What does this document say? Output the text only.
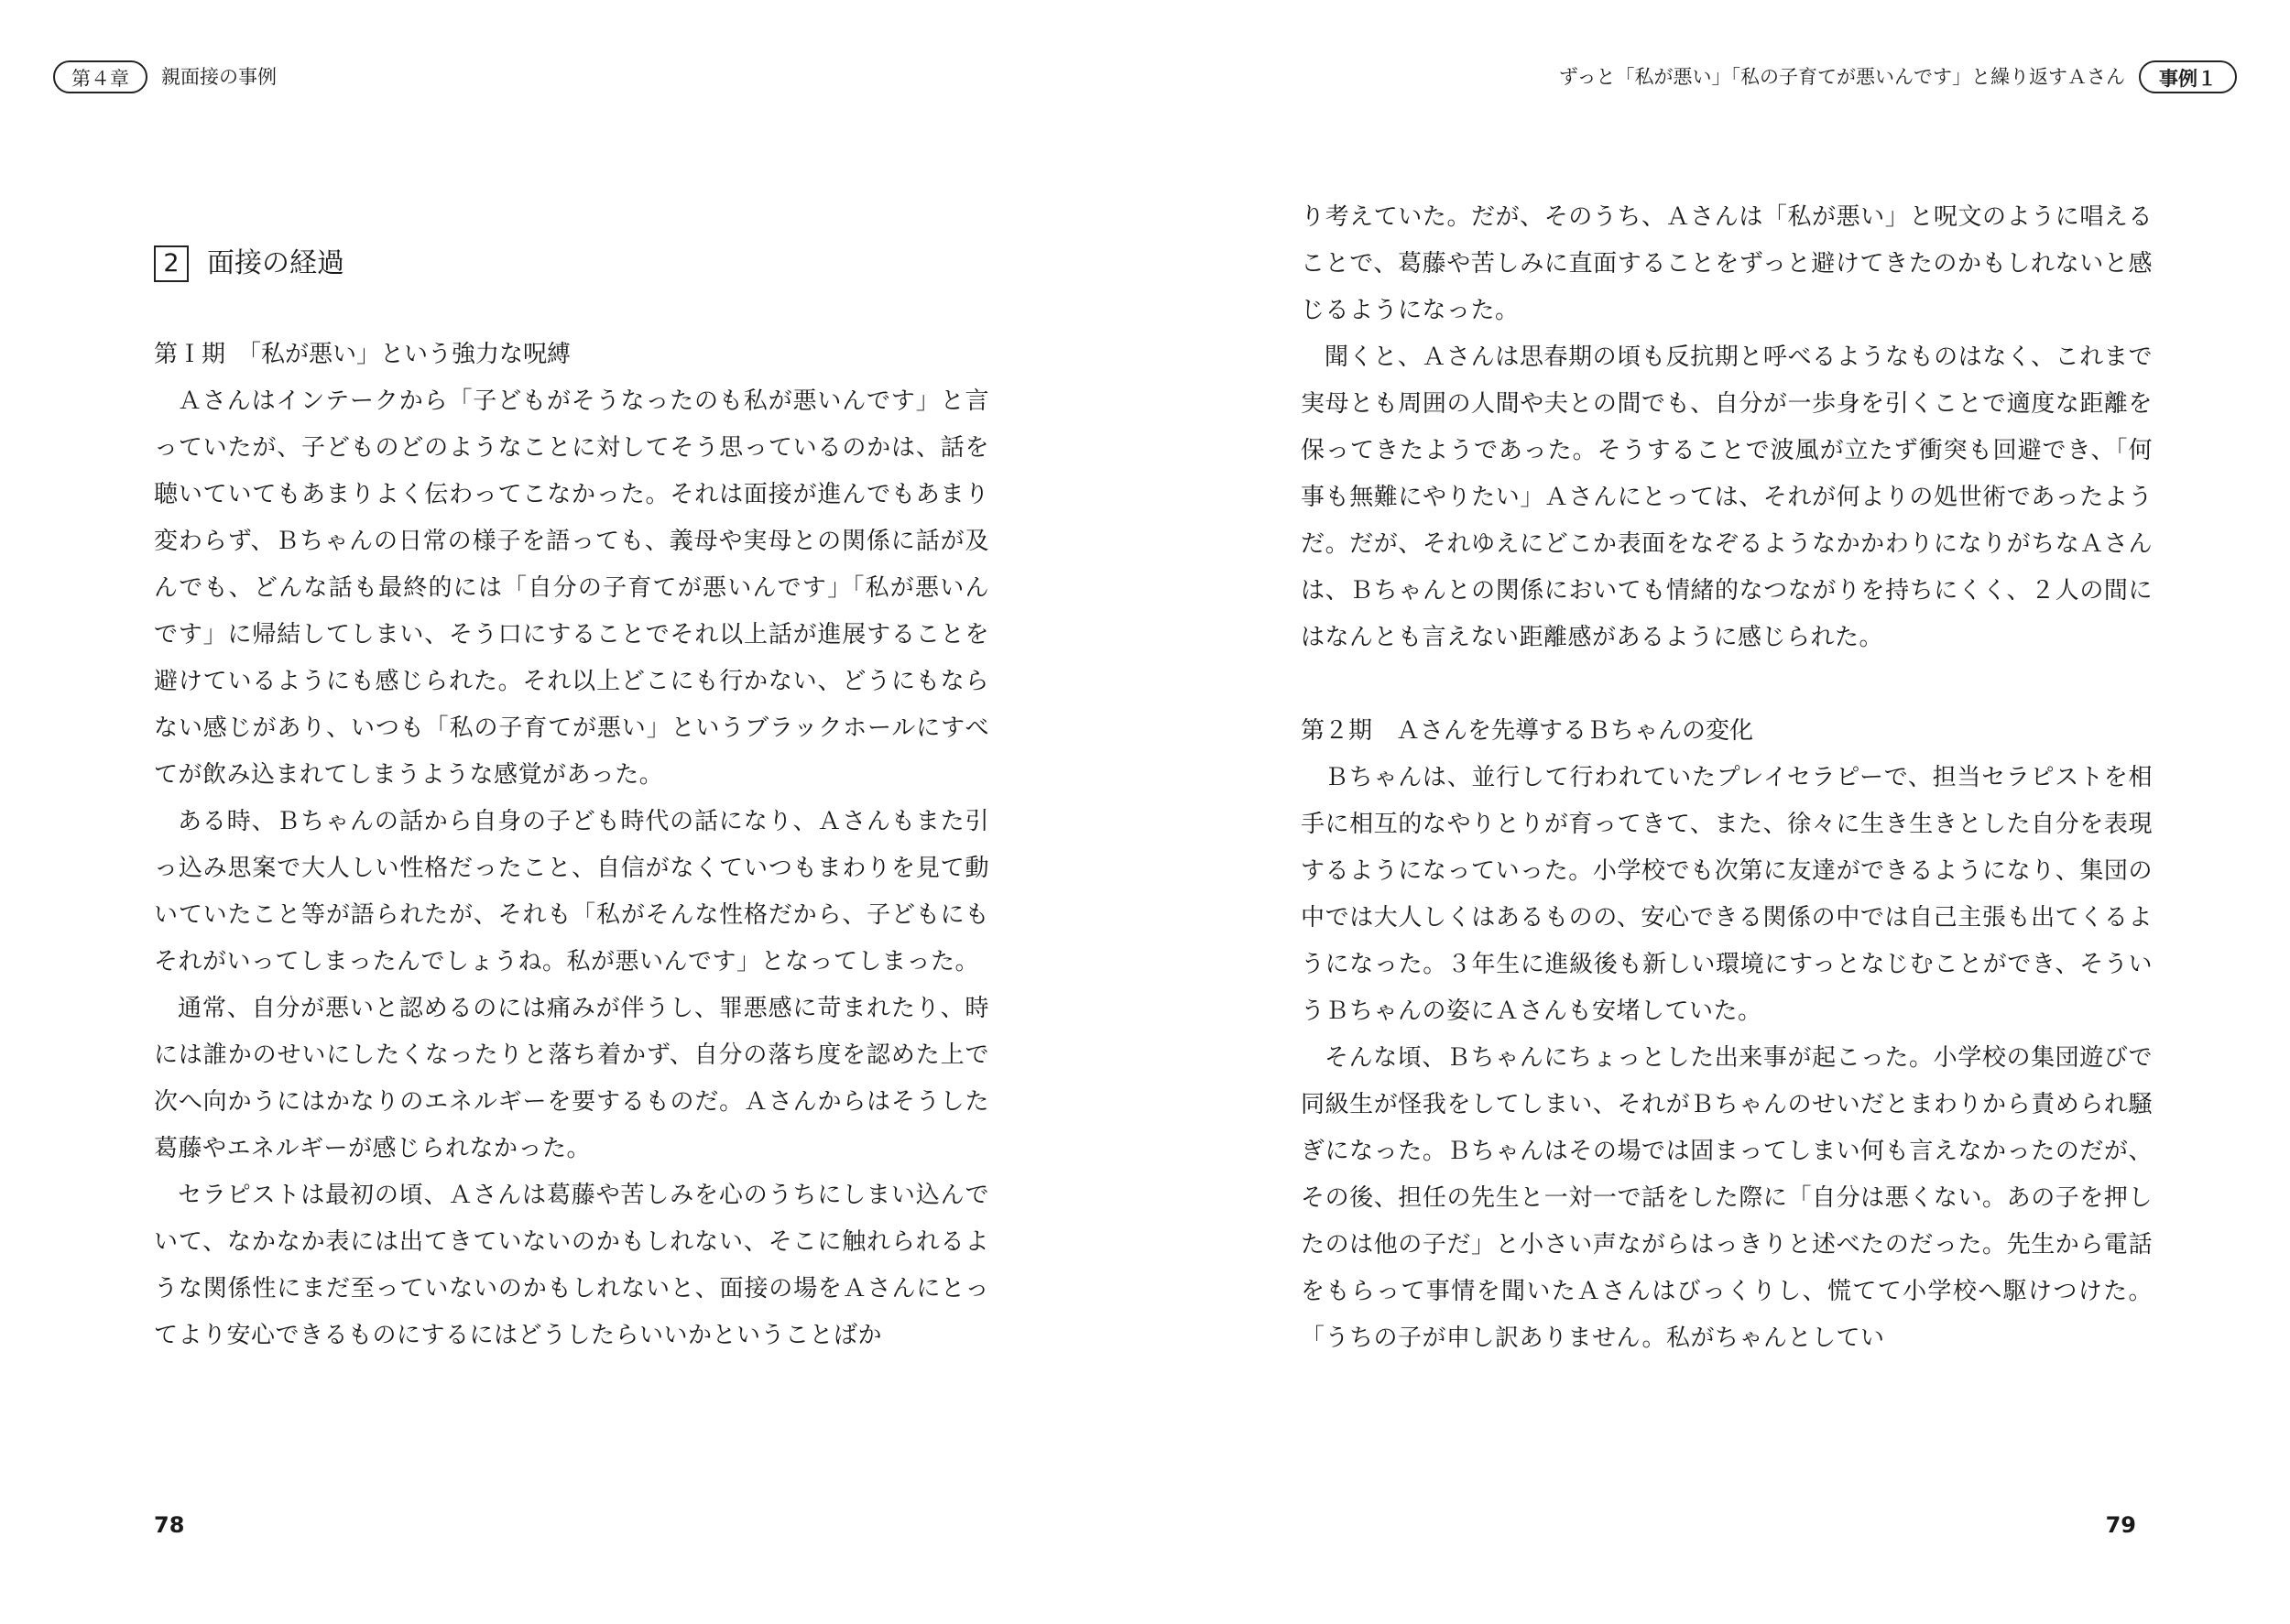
第４章	親面接の事例	ずっと「私が悪い」「私の子育てが悪いんです」と繰り返すＡさん	事例１
2	面接の経過
第Ｉ期　「私が悪い」という強力な呪縛

Ａさんはインテークから「子どもがそうなったのも私が悪いんです」と言っていたが、子どものどのようなことに対してそう思っているのかは、話を聴いていてもあまりよく伝わってこなかった。それは面接が進んでもあまり変わらず、Ｂちゃんの日常の様子を語っても、義母や実母との関係に話が及んでも、どんな話も最終的には「自分の子育てが悪いんです」「私が悪いんです」に帰結してしまい、そう口にすることでそれ以上話が進展することを避けているようにも感じられた。それ以上どこにも行かない、どうにもならない感じがあり、いつも「私の子育てが悪い」というブラックホールにすべてが飲み込まれてしまうような感覚があった。

ある時、Ｂちゃんの話から自身の子ども時代の話になり、Ａさんもまた引っ込み思案で大人しい性格だったこと、自信がなくていつもまわりを見て動いていたこと等が語られたが、それも「私がそんな性格だから、子どもにもそれがいってしまったんでしょうね。私が悪いんです」となってしまった。

通常、自分が悪いと認めるのには痛みが伴うし、罪悪感に苛まれたり、時には誰かのせいにしたくなったりと落ち着かず、自分の落ち度を認めた上で次へ向かうにはかなりのエネルギーを要するものだ。Ａさんからはそうした葛藤やエネルギーが感じられなかった。

セラピストは最初の頃、Ａさんは葛藤や苦しみを心のうちにしまい込んでいて、なかなか表には出てきていないのかもしれない、そこに触れられるような関係性にまだ至っていないのかもしれないと、面接の場をＡさんにとってより安心できるものにするにはどうしたらいいかということばか

り考えていた。だが、そのうち、Ａさんは「私が悪い」と呪文のように唱えることで、葛藤や苦しみに直面することをずっと避けてきたのかもしれないと感じるようになった。

聞くと、Ａさんは思春期の頃も反抗期と呼べるようなものはなく、これまで実母とも周囲の人間や夫との間でも、自分が一歩身を引くことで適度な距離を保ってきたようであった。そうすることで波風が立たず衝突も回避でき、「何事も無難にやりたい」Ａさんにとっては、それが何よりの処世術であったようだ。だが、それゆえにどこか表面をなぞるようなかかわりになりがちなＡさんは、Ｂちゃんとの関係においても情緒的なつながりを持ちにくく、２人の間にはなんとも言えない距離感があるように感じられた。

第２期　Ａさんを先導するＢちゃんの変化

Ｂちゃんは、並行して行われていたプレイセラピーで、担当セラピストを相手に相互的なやりとりが育ってきて、また、徐々に生き生きとした自分を表現するようになっていった。小学校でも次第に友達ができるようになり、集団の中では大人しくはあるものの、安心できる関係の中では自己主張も出てくるようになった。３年生に進級後も新しい環境にすっとなじむことができ、そういうＢちゃんの姿にＡさんも安堵していた。

そんな頃、Ｂちゃんにちょっとした出来事が起こった。小学校の集団遊びで同級生が怪我をしてしまい、それがＢちゃんのせいだとまわりから責められ騒ぎになった。Ｂちゃんはその場では固まってしまい何も言えなかったのだが、その後、担任の先生と一対一で話をした際に「自分は悪くない。あの子を押したのは他の子だ」と小さい声ながらはっきりと述べたのだった。先生から電話をもらって事情を聞いたＡさんはびっくりし、慌てて小学校へ駆けつけた。「うちの子が申し訳ありません。私がちゃんとしてい

78	79
